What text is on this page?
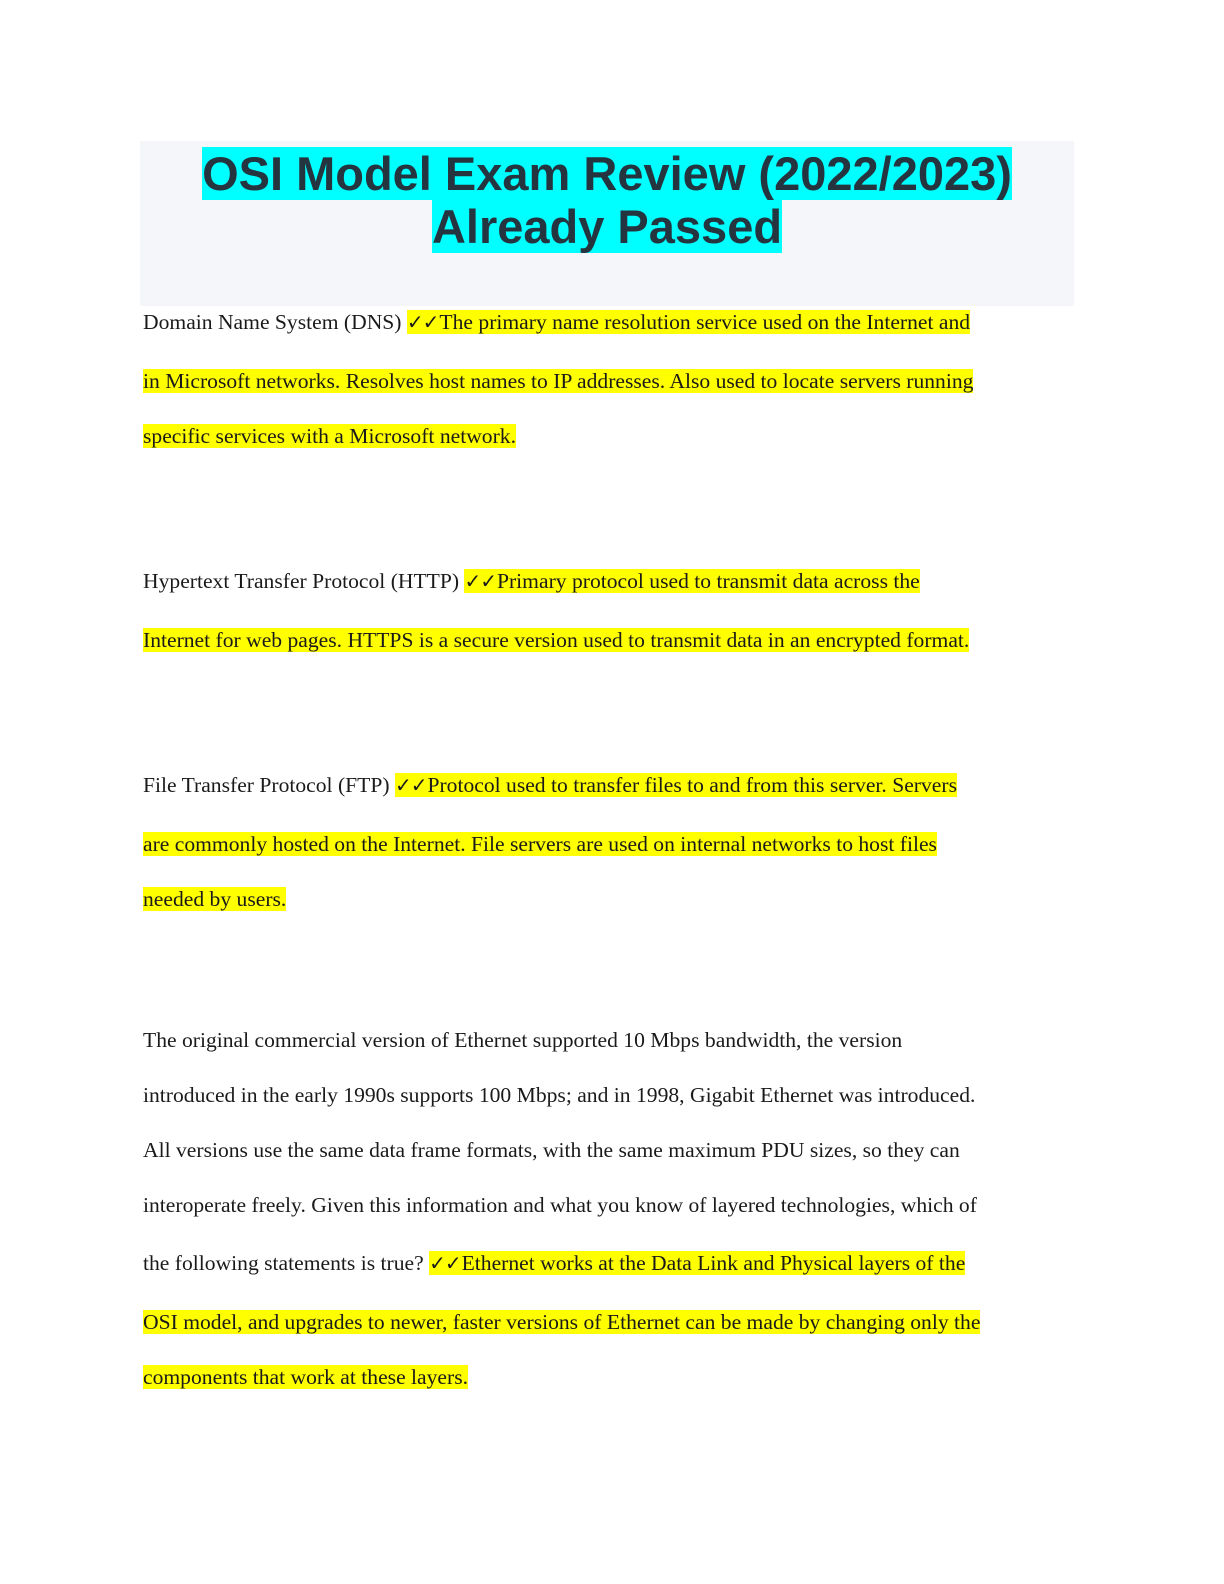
OSI Model Exam Review (2022/2023)
Already Passed
Domain Name System (DNS) ✓✓The primary name resolution service used on the Internet and
in Microsoft networks. Resolves host names to IP addresses. Also used to locate servers running
specific services with a Microsoft network.
Hypertext Transfer Protocol (HTTP) ✓✓Primary protocol used to transmit data across the
Internet for web pages. HTTPS is a secure version used to transmit data in an encrypted format.
File Transfer Protocol (FTP) ✓✓Protocol used to transfer files to and from this server. Servers
are commonly hosted on the Internet. File servers are used on internal networks to host files
needed by users.
The original commercial version of Ethernet supported 10 Mbps bandwidth, the version
introduced in the early 1990s supports 100 Mbps; and in 1998, Gigabit Ethernet was introduced.
All versions use the same data frame formats, with the same maximum PDU sizes, so they can
interoperate freely. Given this information and what you know of layered technologies, which of
the following statements is true? ✓✓Ethernet works at the Data Link and Physical layers of the
OSI model, and upgrades to newer, faster versions of Ethernet can be made by changing only the
components that work at these layers.
